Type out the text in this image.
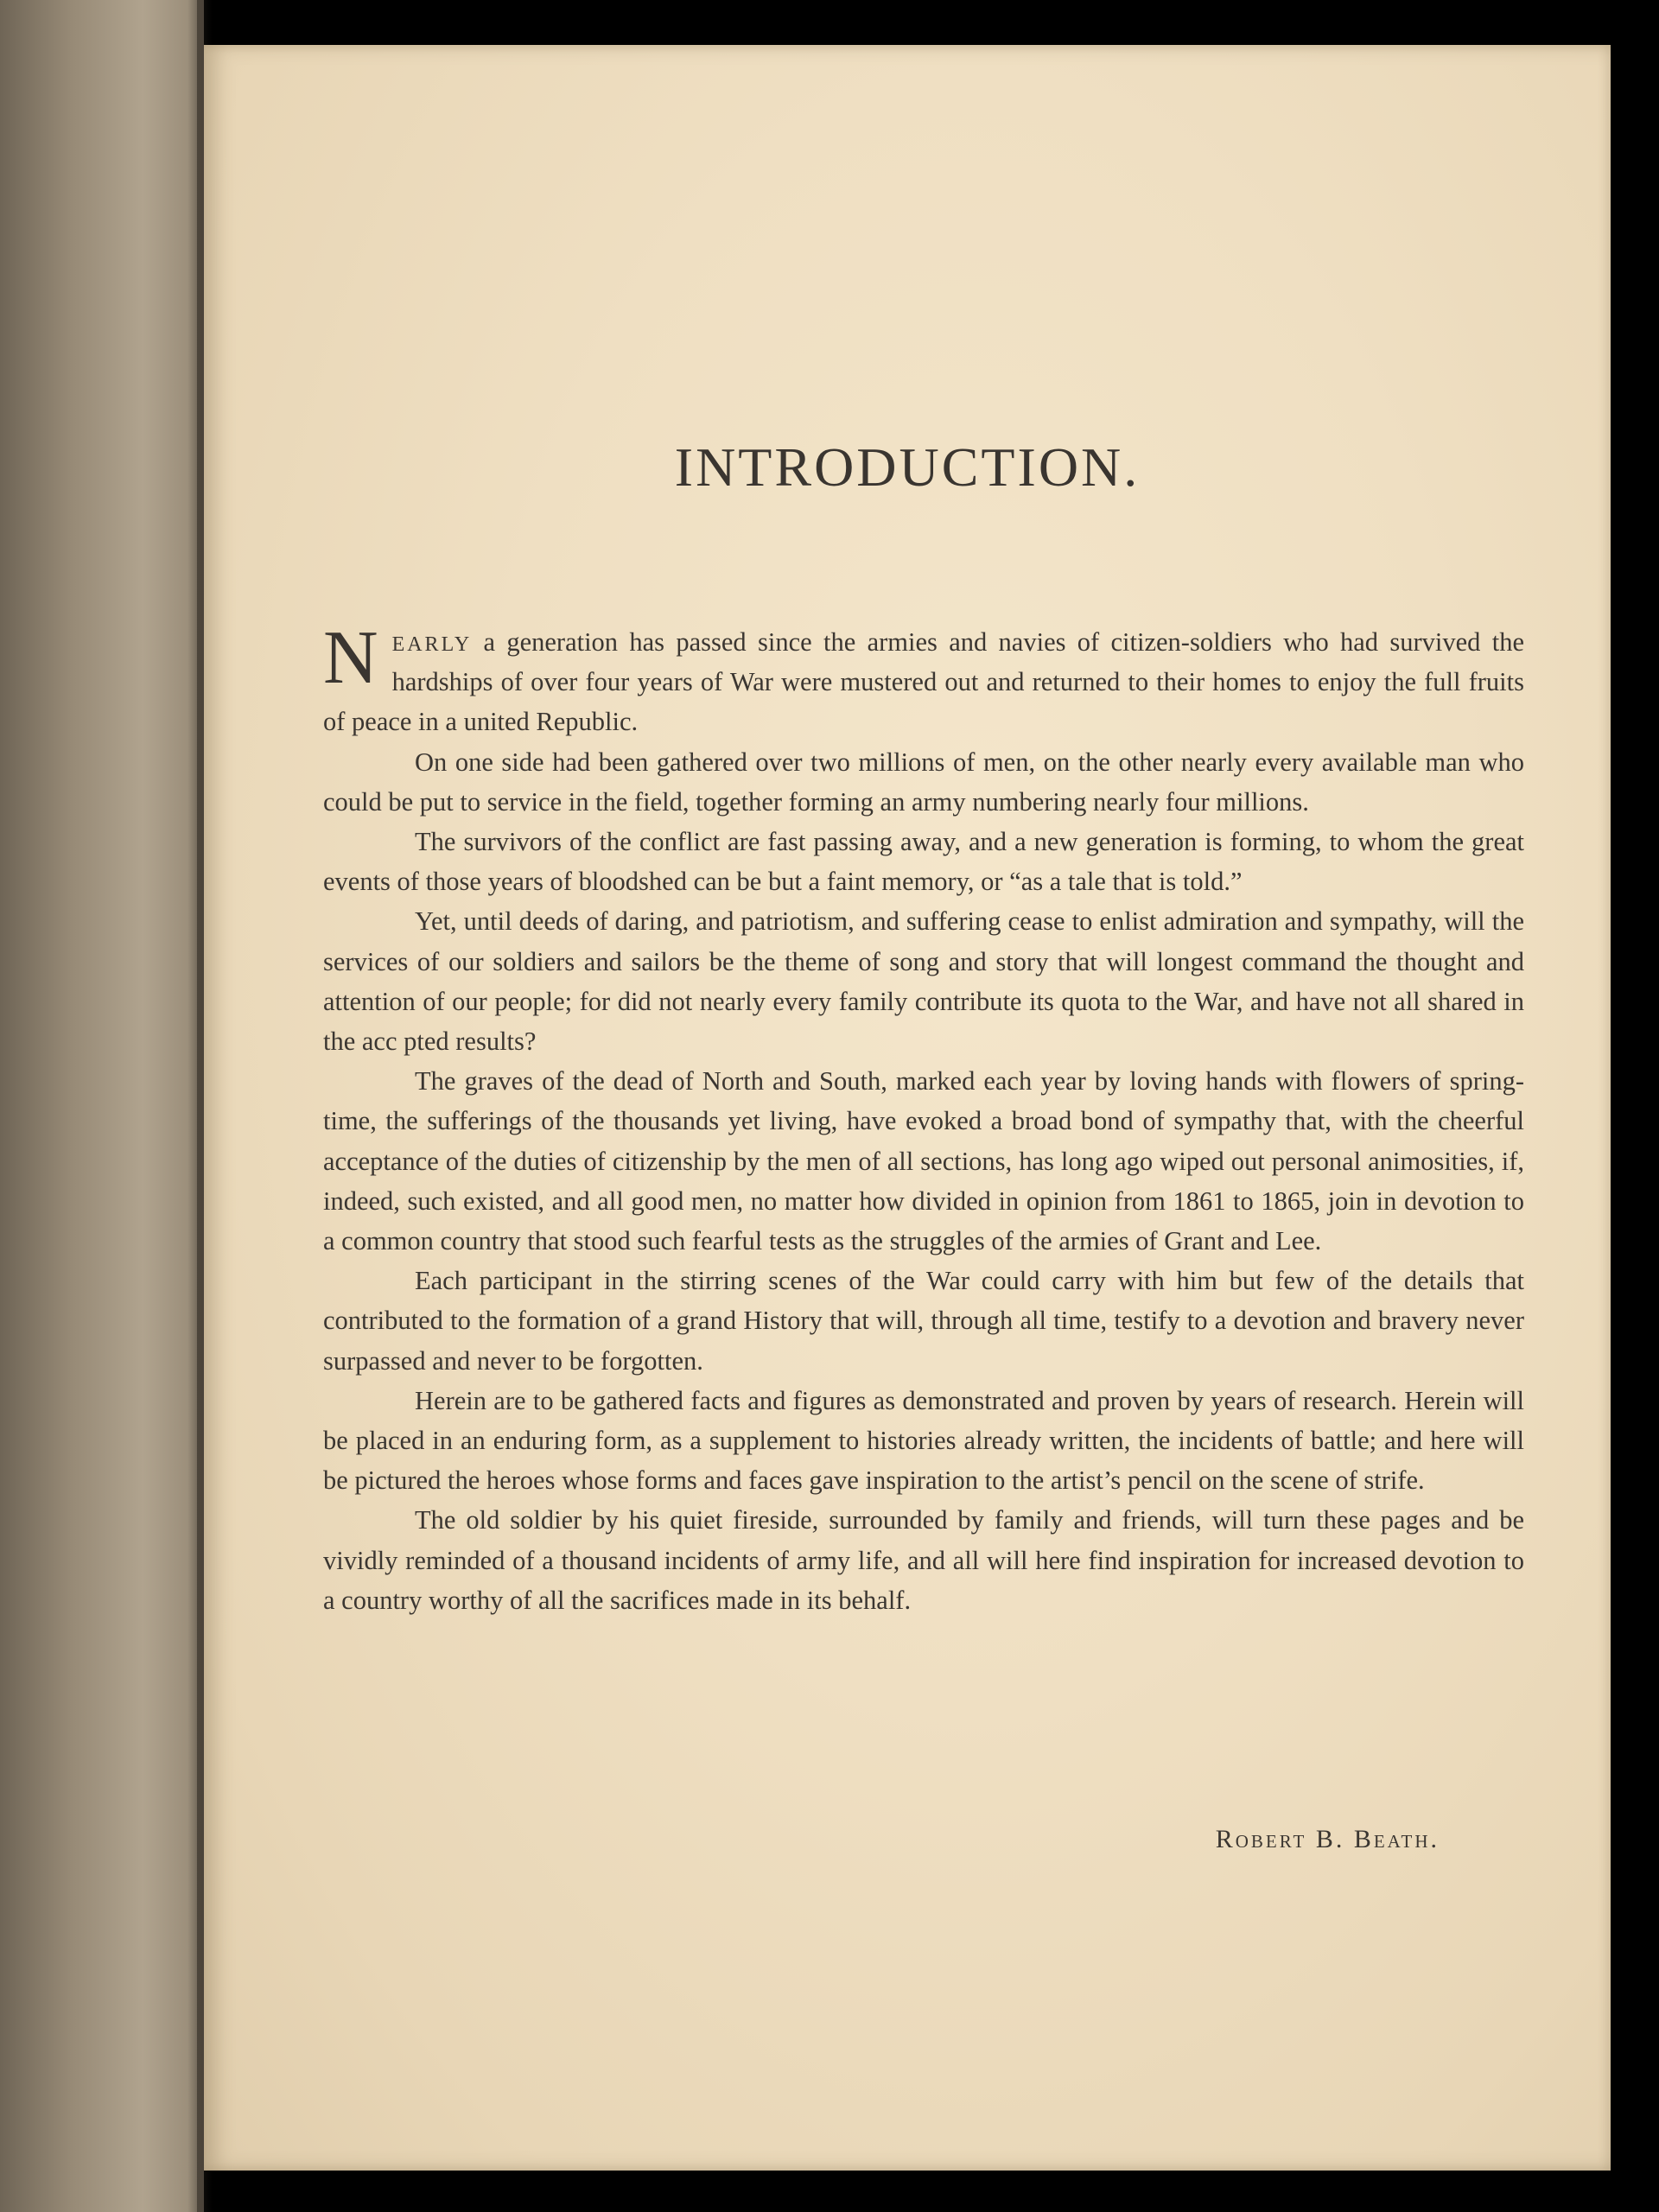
INTRODUCTION.

Nearly a generation has passed since the armies and navies of citizen-soldiers who had survived the hardships of over four years of War were mustered out and returned to their homes to enjoy the full fruits of peace in a united Republic.

On one side had been gathered over two millions of men, on the other nearly every available man who could be put to service in the field, together forming an army numbering nearly four millions.

The survivors of the conflict are fast passing away, and a new generation is forming, to whom the great events of those years of bloodshed can be but a faint memory, or “as a tale that is told.”

Yet, until deeds of daring, and patriotism, and suffering cease to enlist admiration and sympathy, will the services of our soldiers and sailors be the theme of song and story that will longest command the thought and attention of our people; for did not nearly every family contribute its quota to the War, and have not all shared in the acc pted results?

The graves of the dead of North and South, marked each year by loving hands with flowers of spring-time, the sufferings of the thousands yet living, have evoked a broad bond of sympathy that, with the cheerful acceptance of the duties of citizenship by the men of all sections, has long ago wiped out personal animosities, if, indeed, such existed, and all good men, no matter how divided in opinion from 1861 to 1865, join in devotion to a common country that stood such fearful tests as the struggles of the armies of Grant and Lee.

Each participant in the stirring scenes of the War could carry with him but few of the details that contributed to the formation of a grand History that will, through all time, testify to a devotion and bravery never surpassed and never to be forgotten.

Herein are to be gathered facts and figures as demonstrated and proven by years of research. Herein will be placed in an enduring form, as a supplement to histories already written, the incidents of battle; and here will be pictured the heroes whose forms and faces gave inspiration to the artist’s pencil on the scene of strife.

The old soldier by his quiet fireside, surrounded by family and friends, will turn these pages and be vividly reminded of a thousand incidents of army life, and all will here find inspiration for increased devotion to a country worthy of all the sacrifices made in its behalf.

Robert B. Beath.
